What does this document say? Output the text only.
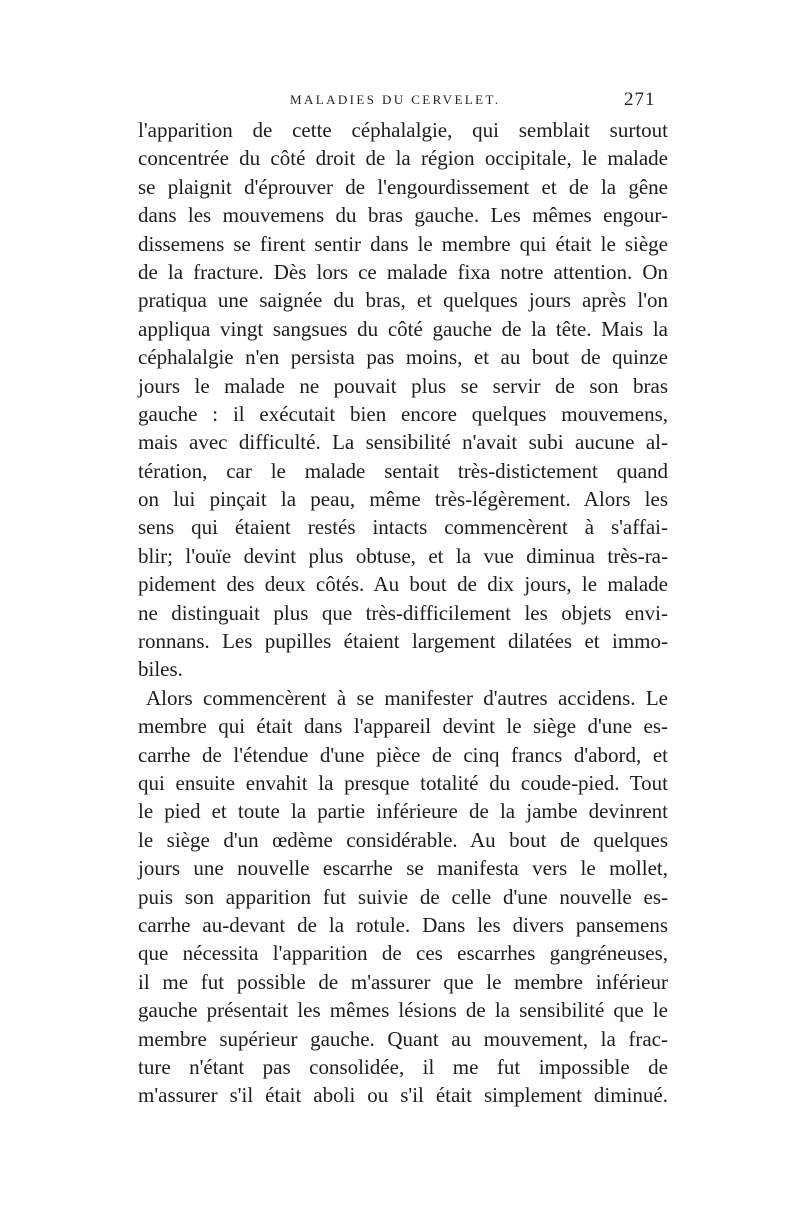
MALADIES DU CERVELET.	271
l'apparition de cette céphalalgie, qui semblait surtout
concentrée du côté droit de la région occipitale, le malade
se plaignit d'éprouver de l'engourdissement et de la gêne
dans les mouvemens du bras gauche. Les mêmes engour-
dissemens se firent sentir dans le membre qui était le siège
de la fracture. Dès lors ce malade fixa notre attention. On
pratiqua une saignée du bras, et quelques jours après l'on
appliqua vingt sangsues du côté gauche de la tête. Mais la
céphalalgie n'en persista pas moins, et au bout de quinze
jours le malade ne pouvait plus se servir de son bras
gauche : il exécutait bien encore quelques mouvemens,
mais avec difficulté. La sensibilité n'avait subi aucune al-
tération, car le malade sentait très-distictement quand
on lui pinçait la peau, même très-légèrement. Alors les
sens qui étaient restés intacts commencèrent à s'affai-
blir; l'ouïe devint plus obtuse, et la vue diminua très-ra-
pidement des deux côtés. Au bout de dix jours, le malade
ne distinguait plus que très-difficilement les objets envi-
ronnans. Les pupilles étaient largement dilatées et immo-
biles.
Alors commencèrent à se manifester d'autres accidens. Le
membre qui était dans l'appareil devint le siège d'une es-
carrhe de l'étendue d'une pièce de cinq francs d'abord, et
qui ensuite envahit la presque totalité du coude-pied. Tout
le pied et toute la partie inférieure de la jambe devinrent
le siège d'un œdème considérable. Au bout de quelques
jours une nouvelle escarrhe se manifesta vers le mollet,
puis son apparition fut suivie de celle d'une nouvelle es-
carrhe au-devant de la rotule. Dans les divers pansemens
que nécessita l'apparition de ces escarrhes gangréneuses,
il me fut possible de m'assurer que le membre inférieur
gauche présentait les mêmes lésions de la sensibilité que le
membre supérieur gauche. Quant au mouvement, la frac-
ture n'étant pas consolidée, il me fut impossible de
m'assurer s'il était aboli ou s'il était simplement diminué.
